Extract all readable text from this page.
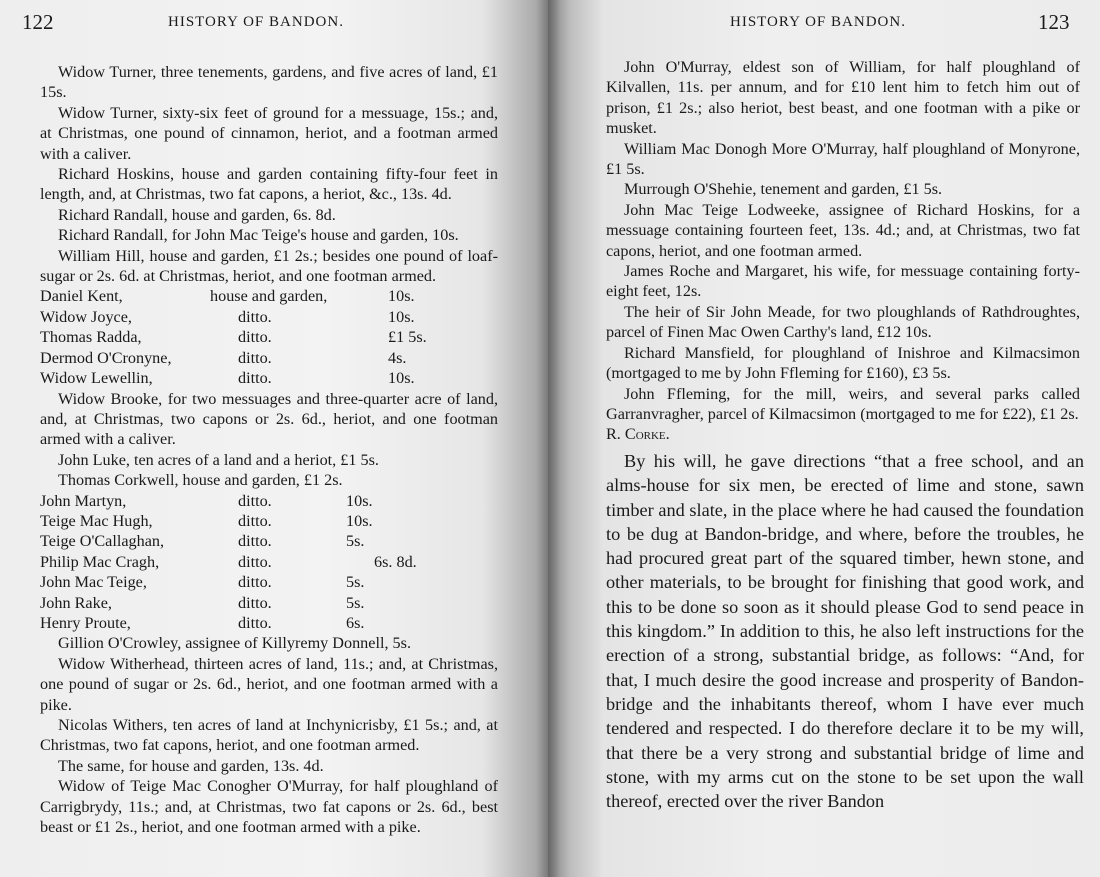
122	HISTORY OF BANDON.
Widow Turner, three tenements, gardens, and five acres of land, £1 15s.
Widow Turner, sixty-six feet of ground for a messuage, 15s.; and, at Christmas, one pound of cinnamon, heriot, and a footman armed with a caliver.
Richard Hoskins, house and garden containing fifty-four feet in length, and, at Christmas, two fat capons, a heriot, &c., 13s. 4d.
Richard Randall, house and garden, 6s. 8d.
Richard Randall, for John Mac Teige's house and garden, 10s.
William Hill, house and garden, £1 2s.; besides one pound of loaf-sugar or 2s. 6d. at Christmas, heriot, and one footman armed.
Daniel Kent,	house and garden,	10s.
Widow Joyce,	ditto.	10s.
Thomas Radda,	ditto.	£1 5s.
Dermod O'Cronyne,	ditto.	4s.
Widow Lewellin,	ditto.	10s.
Widow Brooke, for two messuages and three-quarter acre of land, and, at Christmas, two capons or 2s. 6d., heriot, and one footman armed with a caliver.
John Luke, ten acres of a land and a heriot, £1 5s.
Thomas Corkwell, house and garden, £1 2s.
John Martyn,	ditto.	10s.
Teige Mac Hugh,	ditto.	10s.
Teige O'Callaghan,	ditto.	5s.
Philip Mac Cragh,	ditto.	6s. 8d.
John Mac Teige,	ditto.	5s.
John Rake,	ditto.	5s.
Henry Proute,	ditto.	6s.
Gillion O'Crowley, assignee of Killyremy Donnell, 5s.
Widow Witherhead, thirteen acres of land, 11s.; and, at Christmas, one pound of sugar or 2s. 6d., heriot, and one footman armed with a pike.
Nicolas Withers, ten acres of land at Inchynicrisby, £1 5s.; and, at Christmas, two fat capons, heriot, and one footman armed.
The same, for house and garden, 13s. 4d.
Widow of Teige Mac Conogher O'Murray, for half ploughland of Carrigbrydy, 11s.; and, at Christmas, two fat capons or 2s. 6d., best beast or £1 2s., heriot, and one footman armed with a pike.
HISTORY OF BANDON.	123
John O'Murray, eldest son of William, for half ploughland of Kilvallen, 11s. per annum, and for £10 lent him to fetch him out of prison, £1 2s.; also heriot, best beast, and one footman with a pike or musket.
William Mac Donogh More O'Murray, half ploughland of Monyrone, £1 5s.
Murrough O'Shehie, tenement and garden, £1 5s.
John Mac Teige Lodweeke, assignee of Richard Hoskins, for a messuage containing fourteen feet, 13s. 4d.; and, at Christmas, two fat capons, heriot, and one footman armed.
James Roche and Margaret, his wife, for messuage containing forty-eight feet, 12s.
The heir of Sir John Meade, for two ploughlands of Rathdroughtes, parcel of Finen Mac Owen Carthy's land, £12 10s.
Richard Mansfield, for ploughland of Inishroe and Kilmacsimon (mortgaged to me by John Ffleming for £160), £3 5s.
John Ffleming, for the mill, weirs, and several parks called Garranvragher, parcel of Kilmacsimon (mortgaged to me for £22), £1 2s.
R. Corke.

By his will, he gave directions “that a free school, and an alms-house for six men, be erected of lime and stone, sawn timber and slate, in the place where he had caused the foundation to be dug at Bandon-bridge, and where, before the troubles, he had procured great part of the squared timber, hewn stone, and other materials, to be brought for finishing that good work, and this to be done so soon as it should please God to send peace in this kingdom.” In addition to this, he also left instructions for the erection of a strong, substantial bridge, as follows: “And, for that, I much desire the good increase and prosperity of Bandon-bridge and the inhabitants thereof, whom I have ever much tendered and respected. I do therefore declare it to be my will, that there be a very strong and substantial bridge of lime and stone, with my arms cut on the stone to be set upon the wall thereof, erected over the river Bandon
